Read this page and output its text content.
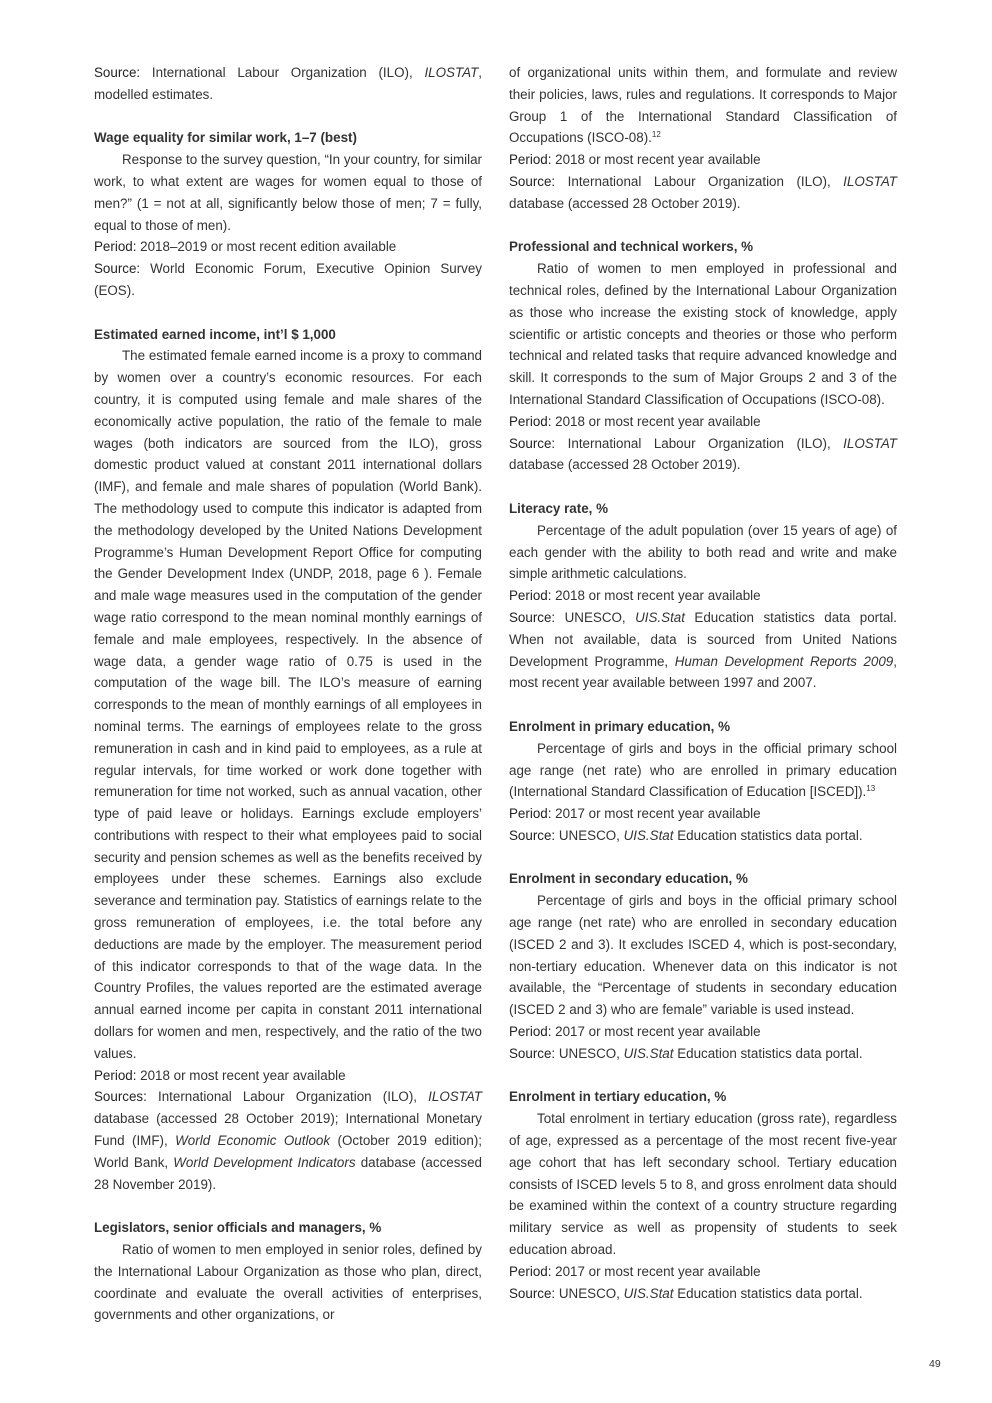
Source: International Labour Organization (ILO), ILOSTAT, modelled estimates.

Wage equality for similar work, 1–7 (best)

Response to the survey question, “In your country, for similar work, to what extent are wages for women equal to those of men?” (1 = not at all, significantly below those of men; 7 = fully, equal to those of men).

Period: 2018–2019 or most recent edition available

Source: World Economic Forum, Executive Opinion Survey (EOS).

Estimated earned income, int’l $ 1,000

The estimated female earned income is a proxy to command by women over a country’s economic resources. For each country, it is computed using female and male shares of the economically active population, the ratio of the female to male wages (both indicators are sourced from the ILO), gross domestic product valued at constant 2011 international dollars (IMF), and female and male shares of population (World Bank). The methodology used to compute this indicator is adapted from the methodology developed by the United Nations Development Programme’s Human Development Report Office for computing the Gender Development Index (UNDP, 2018, page 6 ). Female and male wage measures used in the computation of the gender wage ratio correspond to the mean nominal monthly earnings of female and male employees, respectively. In the absence of wage data, a gender wage ratio of 0.75 is used in the computation of the wage bill. The ILO’s measure of earning corresponds to the mean of monthly earnings of all employees in nominal terms. The earnings of employees relate to the gross remuneration in cash and in kind paid to employees, as a rule at regular intervals, for time worked or work done together with remuneration for time not worked, such as annual vacation, other type of paid leave or holidays. Earnings exclude employers’ contributions with respect to their what employees paid to social security and pension schemes as well as the benefits received by employees under these schemes. Earnings also exclude severance and termination pay. Statistics of earnings relate to the gross remuneration of employees, i.e. the total before any deductions are made by the employer. The measurement period of this indicator corresponds to that of the wage data. In the Country Profiles, the values reported are the estimated average annual earned income per capita in constant 2011 international dollars for women and men, respectively, and the ratio of the two values.

Period: 2018 or most recent year available

Sources: International Labour Organization (ILO), ILOSTAT database (accessed 28 October 2019); International Monetary Fund (IMF), World Economic Outlook (October 2019 edition); World Bank, World Development Indicators database (accessed 28 November 2019).

Legislators, senior officials and managers, %

Ratio of women to men employed in senior roles, defined by the International Labour Organization as those who plan, direct, coordinate and evaluate the overall activities of enterprises, governments and other organizations, or

of organizational units within them, and formulate and review their policies, laws, rules and regulations. It corresponds to Major Group 1 of the International Standard Classification of Occupations (ISCO-08).$^{12}$

Period: 2018 or most recent year available

Source: International Labour Organization (ILO), ILOSTAT database (accessed 28 October 2019).

Professional and technical workers, %

Ratio of women to men employed in professional and technical roles, defined by the International Labour Organization as those who increase the existing stock of knowledge, apply scientific or artistic concepts and theories or those who perform technical and related tasks that require advanced knowledge and skill. It corresponds to the sum of Major Groups 2 and 3 of the International Standard Classification of Occupations (ISCO-08).

Period: 2018 or most recent year available

Source: International Labour Organization (ILO), ILOSTAT database (accessed 28 October 2019).

Literacy rate, %

Percentage of the adult population (over 15 years of age) of each gender with the ability to both read and write and make simple arithmetic calculations.

Period: 2018 or most recent year available

Source: UNESCO, UIS.Stat Education statistics data portal. When not available, data is sourced from United Nations Development Programme, Human Development Reports 2009, most recent year available between 1997 and 2007.

Enrolment in primary education, %

Percentage of girls and boys in the official primary school age range (net rate) who are enrolled in primary education (International Standard Classification of Education [ISCED]).$^{13}$

Period: 2017 or most recent year available

Source: UNESCO, UIS.Stat Education statistics data portal.

Enrolment in secondary education, %

Percentage of girls and boys in the official primary school age range (net rate) who are enrolled in secondary education (ISCED 2 and 3). It excludes ISCED 4, which is post-secondary, non-tertiary education. Whenever data on this indicator is not available, the “Percentage of students in secondary education (ISCED 2 and 3) who are female” variable is used instead.

Period: 2017 or most recent year available

Source: UNESCO, UIS.Stat Education statistics data portal.

Enrolment in tertiary education, %

Total enrolment in tertiary education (gross rate), regardless of age, expressed as a percentage of the most recent five-year age cohort that has left secondary school. Tertiary education consists of ISCED levels 5 to 8, and gross enrolment data should be examined within the context of a country structure regarding military service as well as propensity of students to seek education abroad.

Period: 2017 or most recent year available

Source: UNESCO, UIS.Stat Education statistics data portal.

49
